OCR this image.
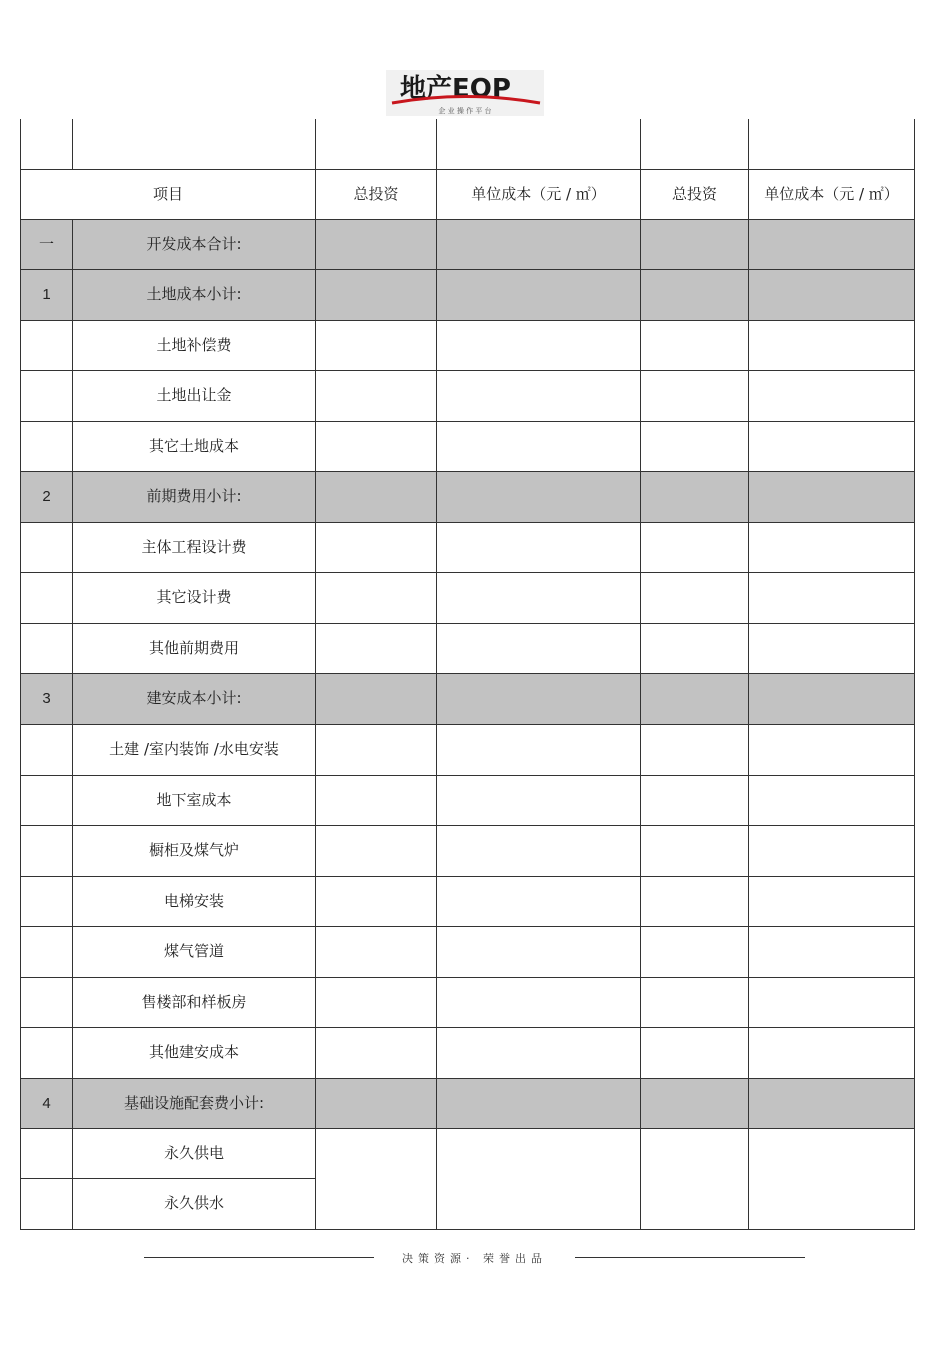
地产EOP
企 业 操 作 平 台

项目		总投资	单位成本（元 / ㎡）	总投资	单位成本（元 / ㎡）
一	开发成本合计:				
1	土地成本小计:				
	土地补偿费				
	土地出让金				
	其它土地成本				
2	前期费用小计:				
	主体工程设计费				
	其它设计费				
	其他前期费用				
3	建安成本小计:				
	土建 /室内装饰 /水电安装				
	地下室成本				
	橱柜及煤气炉				
	电梯安装				
	煤气管道				
	售楼部和样板房				
	其他建安成本				
4	基础设施配套费小计:				
	永久供电				
	永久供水				
决策资源· 荣誉出品
